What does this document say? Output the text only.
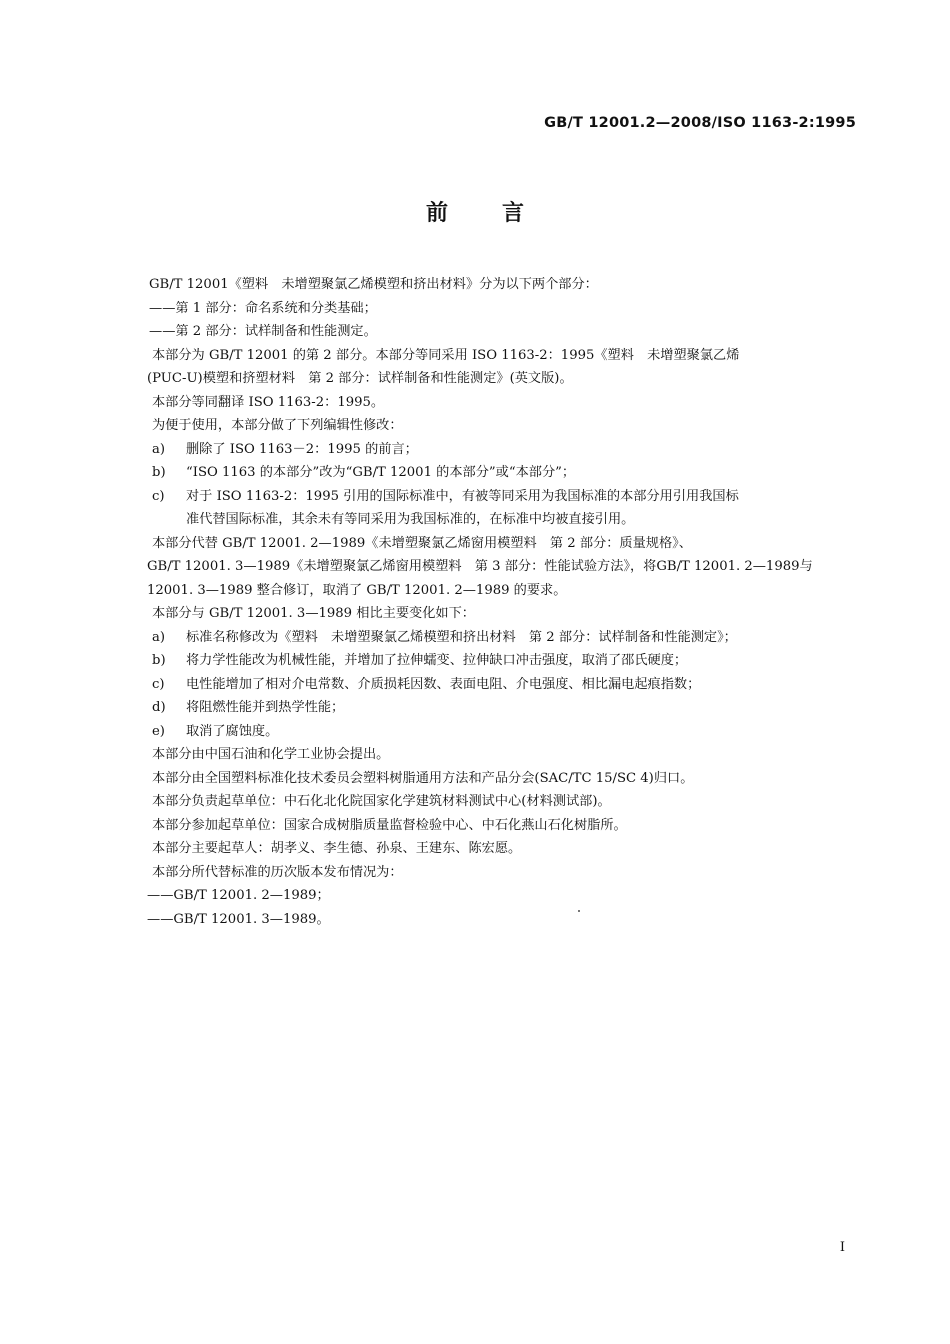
GB/T 12001.2—2008/ISO 1163-2:1995
前 言
GB/T 12001《塑料　未增塑聚氯乙烯模塑和挤出材料》分为以下两个部分：
——第 1 部分：命名系统和分类基础；
——第 2 部分：试样制备和性能测定。
本部分为 GB/T 12001 的第 2 部分。本部分等同采用 ISO 1163-2：1995《塑料　未增塑聚氯乙烯
(PUC-U)模塑和挤塑材料　第 2 部分：试样制备和性能测定》(英文版)。
本部分等同翻译 ISO 1163-2：1995。
为便于使用，本部分做了下列编辑性修改：
a) 删除了 ISO 1163－2：1995 的前言；
b) “ISO 1163 的本部分”改为“GB/T 12001 的本部分”或“本部分”；
c) 对于 ISO 1163-2：1995 引用的国际标准中，有被等同采用为我国标准的本部分用引用我国标
准代替国际标准，其余未有等同采用为我国标准的，在标准中均被直接引用。
本部分代替 GB/T 12001. 2—1989《未增塑聚氯乙烯窗用模塑料　第 2 部分：质量规格》、
GB/T 12001. 3—1989《未增塑聚氯乙烯窗用模塑料　第 3 部分：性能试验方法》，将GB/T 12001. 2—1989与
12001. 3—1989 整合修订，取消了 GB/T 12001. 2—1989 的要求。
本部分与 GB/T 12001. 3—1989 相比主要变化如下：
a) 标准名称修改为《塑料　未增塑聚氯乙烯模塑和挤出材料　第 2 部分：试样制备和性能测定》；
b) 将力学性能改为机械性能，并增加了拉伸蠕变、拉伸缺口冲击强度，取消了邵氏硬度；
c) 电性能增加了相对介电常数、介质损耗因数、表面电阻、介电强度、相比漏电起痕指数；
d) 将阻燃性能并到热学性能；
e) 取消了腐蚀度。
本部分由中国石油和化学工业协会提出。
本部分由全国塑料标准化技术委员会塑料树脂通用方法和产品分会(SAC/TC 15/SC 4)归口。
本部分负责起草单位：中石化北化院国家化学建筑材料测试中心(材料测试部)。
本部分参加起草单位：国家合成树脂质量监督检验中心、中石化燕山石化树脂所。
本部分主要起草人：胡孝义、李生德、孙泉、王建东、陈宏愿。
本部分所代替标准的历次版本发布情况为：
——GB/T 12001. 2—1989；
——GB/T 12001. 3—1989。
I
